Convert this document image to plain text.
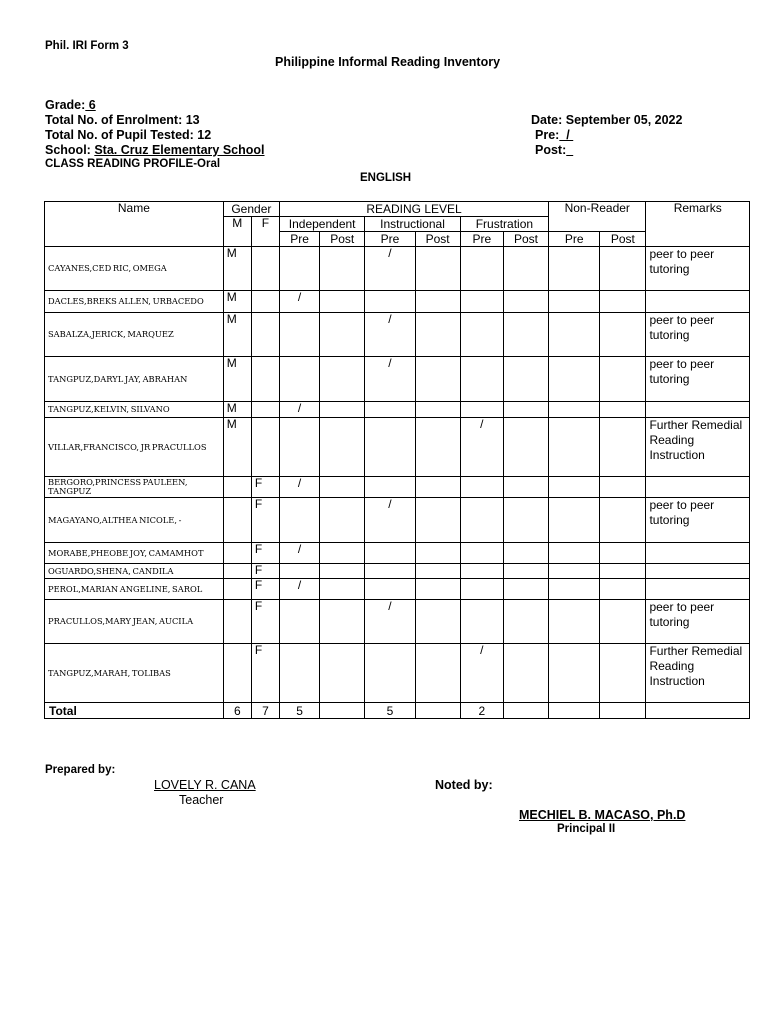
Phil. IRI Form 3
Philippine Informal Reading Inventory
Grade: 6
Total No. of Enrolment: 13
Total No. of Pupil Tested: 12
School: Sta. Cruz Elementary School
CLASS READING PROFILE-Oral
Date: September 05, 2022
Pre:  /
Post:
ENGLISH
Name	Gender		READING LEVEL						Non-Reader		Remarks
	M	F	Independent		Instructional		Frustration				
			Pre	Post	Pre	Post	Pre	Post	Pre	Post	
CAYANES,CED RIC, OMEGA	M				/						peer to peer tutoring
DACLES,BREKS ALLEN, URBACEDO	M		/								
SABALZA,JERICK, MARQUEZ	M				/						peer to peer tutoring
TANGPUZ,DARYL JAY, ABRAHAN	M				/						peer to peer tutoring
TANGPUZ,KELVIN, SILVANO	M		/								
VILLAR,FRANCISCO, JR PRACULLOS	M						/				Further Remedial Reading Instruction
BERGORO,PRINCESS PAULEEN, TANGPUZ		F	/								
MAGAYANO,ALTHEA NICOLE, -		F			/						peer to peer tutoring
MORABE,PHEOBE JOY, CAMAMHOT		F	/								
OGUARDO,SHENA, CANDILA		F									
PEROL,MARIAN ANGELINE, SAROL		F	/								
PRACULLOS,MARY JEAN, AUCILA		F			/						peer to peer tutoring
TANGPUZ,MARAH, TOLIBAS		F					/				Further Remedial Reading Instruction
Total	6	7	5		5		2				
Prepared by:
LOVELY R. CANA
Teacher
Noted by:
MECHIEL B. MACASO, Ph.D
Principal II
